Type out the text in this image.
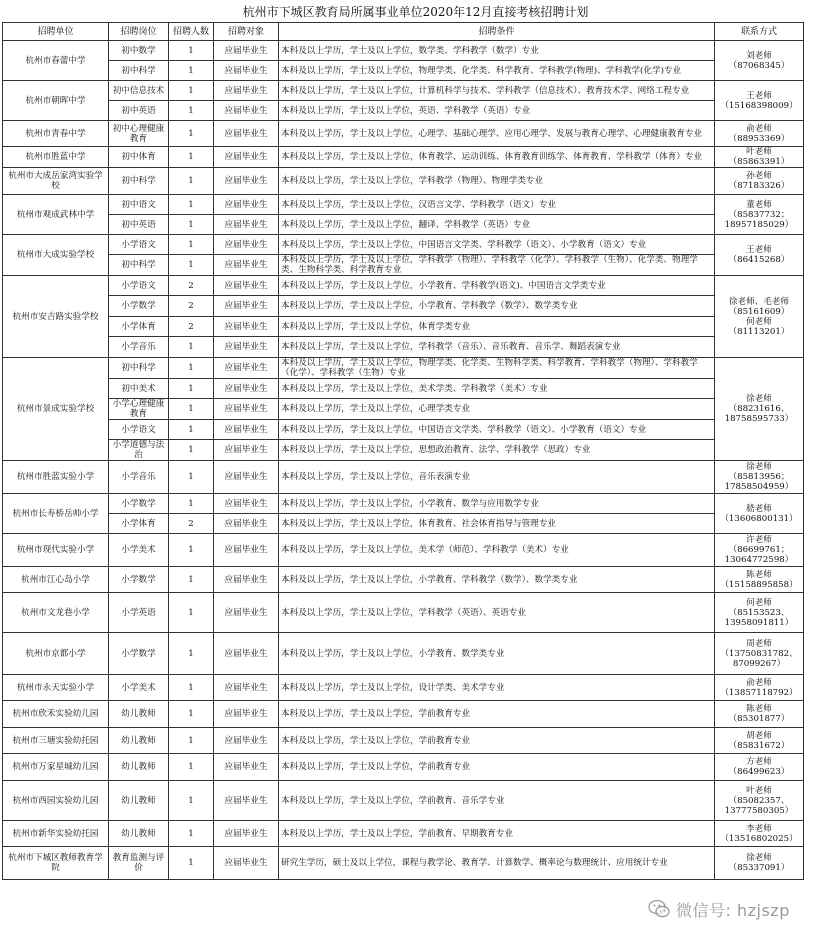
杭州市下城区教育局所属事业单位2020年12月直接考核招聘计划
招聘单位	招聘岗位	招聘人数	招聘对象	招聘条件	联系方式
杭州市春蕾中学	初中数学	1	应届毕业生	本科及以上学历，学士及以上学位，数学类、学科教学（数学）专业	刘老师
（87068345）
	初中科学	1	应届毕业生	本科及以上学历，学士及以上学位，物理学类、化学类、科学教育、学科教学(物理)、学科教学(化学)专业	
杭州市朝晖中学	初中信息技术	1	应届毕业生	本科及以上学历，学士及以上学位，计算机科学与技术、学科教学（信息技术）、教育技术学、网络工程专业	王老师
（15168398009）
	初中英语	1	应届毕业生	本科及以上学历，学士及以上学位，英语、学科教学（英语）专业	
杭州市青春中学	初中心理健康教育	1	应届毕业生	本科及以上学历，学士及以上学位，心理学、基础心理学、应用心理学、发展与教育心理学、心理健康教育专业	俞老师
（88953369）
杭州市胜蓝中学	初中体育	1	应届毕业生	本科及以上学历，学士及以上学位，体育教学、运动训练、体育教育训练学、体育教育、学科教学（体育）专业	叶老师
（85863391）
杭州市大成岳家湾实验学校	初中科学	1	应届毕业生	本科及以上学历，学士及以上学位，学科教学（物理）、物理学类专业	孙老师
（87183326）
杭州市观成武林中学	初中语文	1	应届毕业生	本科及以上学历，学士及以上学位，汉语言文学、学科教学（语文）专业	董老师
（85837732；
18957185029）
	初中英语	1	应届毕业生	本科及以上学历，学士及以上学位，翻译、学科教学（英语）专业	
杭州市大成实验学校	小学语文	1	应届毕业生	本科及以上学历，学士及以上学位，中国语言文学类、学科教学（语文）、小学教育（语文）专业	王老师
（86415268）
	初中科学	1	应届毕业生	本科及以上学历，学士及以上学位，学科教学（物理）、学科教学（化学）、学科教学（生物）、化学类、物理学类、生物科学类、科学教育专业	
杭州市安吉路实验学校	小学语文	2	应届毕业生	本科及以上学历，学士及以上学位，小学教育、学科教学(语文)、中国语言文学类专业	徐老师、毛老师
（85161609）
何老师
（81113201）
	小学数学	2	应届毕业生	本科及以上学历，学士及以上学位，小学教育、学科教学（数学）、数学类专业	
	小学体育	2	应届毕业生	本科及以上学历，学士及以上学位，体育学类专业	
	小学音乐	1	应届毕业生	本科及以上学历，学士及以上学位，学科教学（音乐）、音乐教育、音乐学、舞蹈表演专业	
杭州市景成实验学校	初中科学	1	应届毕业生	本科及以上学历，学士及以上学位，物理学类、化学类、生物科学类、科学教育、学科教学（物理）、学科教学（化学）、学科教学（生物）专业	徐老师
（88231616、
18758595733）
	初中美术	1	应届毕业生	本科及以上学历，学士及以上学位，美术学类、学科教学（美术）专业	
	小学心理健康教育	1	应届毕业生	本科及以上学历，学士及以上学位，心理学类专业	
	小学语文	1	应届毕业生	本科及以上学历，学士及以上学位，中国语言文学类、学科教学（语文）、小学教育（语文）专业	
	小学道德与法治	1	应届毕业生	本科及以上学历，学士及以上学位，思想政治教育、法学、学科教学（思政）专业	
杭州市胜蓝实验小学	小学音乐	1	应届毕业生	本科及以上学历，学士及以上学位，音乐表演专业	徐老师
（85813956；
17858504959）
杭州市长寿桥岳帅小学	小学数学	1	应届毕业生	本科及以上学历，学士及以上学位，小学教育、数学与应用数学专业	嵇老师
（13606800131）
	小学体育	2	应届毕业生	本科及以上学历，学士及以上学位，体育教育、社会体育指导与管理专业	
杭州市现代实验小学	小学美术	1	应届毕业生	本科及以上学历，学士及以上学位，美术学（师范）、学科教学（美术）专业	许老师
（86699761；
13064772598）
杭州市江心岛小学	小学数学	1	应届毕业生	本科及以上学历，学士及以上学位，小学教育、学科教学（数学）、数学类专业	陈老师
（15158895858）
杭州市文龙巷小学	小学英语	1	应届毕业生	本科及以上学历，学士及以上学位，学科教学（英语）、英语专业	何老师
（85153523、
13958091811）
杭州市京都小学	小学数学	1	应届毕业生	本科及以上学历，学士及以上学位，小学教育、数学类专业	周老师
（13750831782、
87099267）
杭州市永天实验小学	小学美术	1	应届毕业生	本科及以上学历，学士及以上学位，设计学类、美术学专业	俞老师
（13857118792）
杭州市欣禾实验幼儿园	幼儿教师	1	应届毕业生	本科及以上学历，学士及以上学位，学前教育专业	陈老师
（85301877）
杭州市三塘实验幼托园	幼儿教师	1	应届毕业生	本科及以上学历，学士及以上学位，学前教育专业	胡老师
（85831672）
杭州市万家星城幼儿园	幼儿教师	1	应届毕业生	本科及以上学历，学士及以上学位，学前教育专业	方老师
（86499623）
杭州市西园实验幼儿园	幼儿教师	1	应届毕业生	本科及以上学历，学士及以上学位，学前教育、音乐学专业	叶老师
（85082357、
13777580305）
杭州市新华实验幼托园	幼儿教师	1	应届毕业生	本科及以上学历，学士及以上学位，学前教育、早期教育专业	李老师
（13516802025）
杭州市下城区教师教育学院	教育监测与评价	1	应届毕业生	研究生学历，硕士及以上学位，课程与教学论、教育学、计算数学、概率论与数理统计、应用统计专业	徐老师
（85337091）
微信号: hzjszp
